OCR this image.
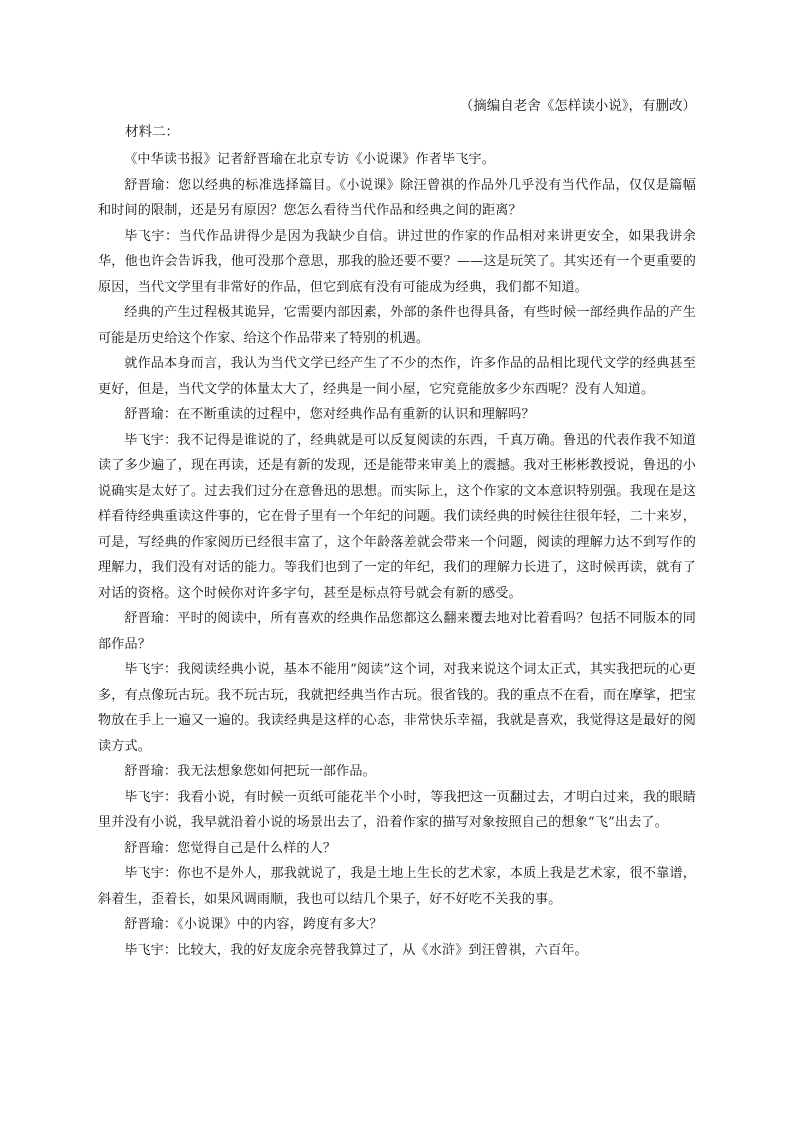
（摘编自老舍《怎样读小说》，有删改）

材料二：

《中华读书报》记者舒晋瑜在北京专访《小说课》作者毕飞宇。

舒晋瑜：您以经典的标准选择篇目。《小说课》除汪曾祺的作品外几乎没有当代作品，仅仅是篇幅和时间的限制，还是另有原因？您怎么看待当代作品和经典之间的距离？

毕飞宇：当代作品讲得少是因为我缺少自信。讲过世的作家的作品相对来讲更安全，如果我讲余华，他也许会告诉我，他可没那个意思，那我的脸还要不要？——这是玩笑了。其实还有一个更重要的原因，当代文学里有非常好的作品，但它到底有没有可能成为经典，我们都不知道。

经典的产生过程极其诡异，它需要内部因素，外部的条件也得具备，有些时候一部经典作品的产生可能是历史给这个作家、给这个作品带来了特别的机遇。

就作品本身而言，我认为当代文学已经产生了不少的杰作，许多作品的品相比现代文学的经典甚至更好，但是，当代文学的体量太大了，经典是一间小屋，它究竟能放多少东西呢？没有人知道。

舒晋瑜：在不断重读的过程中，您对经典作品有重新的认识和理解吗？

毕飞宇：我不记得是谁说的了，经典就是可以反复阅读的东西，千真万确。鲁迅的代表作我不知道读了多少遍了，现在再读，还是有新的发现，还是能带来审美上的震撼。我对王彬彬教授说，鲁迅的小说确实是太好了。过去我们过分在意鲁迅的思想。而实际上，这个作家的文本意识特别强。我现在是这样看待经典重读这件事的，它在骨子里有一个年纪的问题。我们读经典的时候往往很年轻，二十来岁，可是，写经典的作家阅历已经很丰富了，这个年龄落差就会带来一个问题，阅读的理解力达不到写作的理解力，我们没有对话的能力。等我们也到了一定的年纪，我们的理解力长进了，这时候再读，就有了对话的资格。这个时候你对许多字句，甚至是标点符号就会有新的感受。

舒晋瑜：平时的阅读中，所有喜欢的经典作品您都这么翻来覆去地对比着看吗？包括不同版本的同部作品？

毕飞宇：我阅读经典小说，基本不能用“阅读”这个词，对我来说这个词太正式，其实我把玩的心更多，有点像玩古玩。我不玩古玩，我就把经典当作古玩。很省钱的。我的重点不在看，而在摩挲，把宝物放在手上一遍又一遍的。我读经典是这样的心态，非常快乐幸福，我就是喜欢，我觉得这是最好的阅读方式。

舒晋瑜：我无法想象您如何把玩一部作品。

毕飞宇：我看小说，有时候一页纸可能花半个小时，等我把这一页翻过去，才明白过来，我的眼睛里并没有小说，我早就沿着小说的场景出去了，沿着作家的描写对象按照自己的想象“飞”出去了。

舒晋瑜：您觉得自己是什么样的人？

毕飞宇：你也不是外人，那我就说了，我是土地上生长的艺术家，本质上我是艺术家，很不靠谱，斜着生，歪着长，如果风调雨顺，我也可以结几个果子，好不好吃不关我的事。

舒晋瑜：《小说课》中的内容，跨度有多大？

毕飞宇：比较大，我的好友庞余亮替我算过了，从《水浒》到汪曾祺，六百年。
